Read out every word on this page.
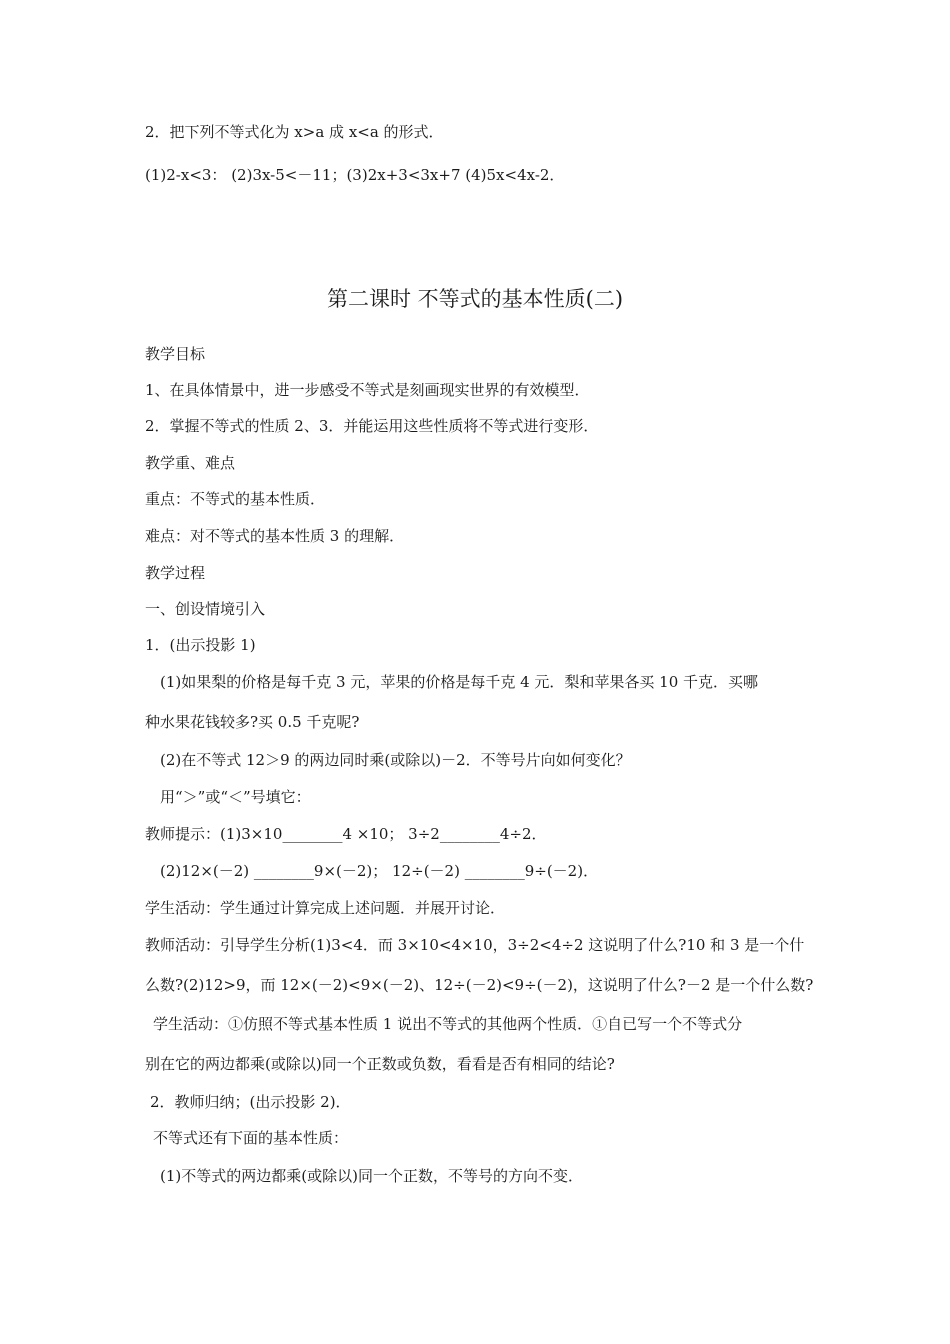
2．把下列不等式化为 x>a 成 x<a 的形式．
(1)2-x<3： (2)3x-5<－11；(3)2x+3<3x+7 (4)5x<4x-2．
第二课时 不等式的基本性质(二)
教学目标
1、在具体情景中，进一步感受不等式是刻画现实世界的有效模型．
2．掌握不等式的性质 2、3．并能运用这些性质将不等式进行变形．
教学重、难点
重点：不等式的基本性质．
难点：对不等式的基本性质 3 的理解．
教学过程
一、创设情境引入
1．(出示投影 1)
(1)如果梨的价格是每千克 3 元，苹果的价格是每千克 4 元．梨和苹果各买 10 千克．买哪
种水果花钱较多?买 0.5 千克呢?
(2)在不等式 12＞9 的两边同时乘(或除以)－2．不等号片向如何变化？
用“＞”或“＜”号填它：
教师提示：(1)3×10________4 ×10； 3÷2________4÷2．
(2)12×(－2) ________9×(－2)； 12÷(－2) ________9÷(－2)．
学生活动：学生通过计算完成上述问题．并展开讨论．
教师活动：引导学生分析(1)3<4．而 3×10<4×10，3÷2<4÷2 这说明了什么?10 和 3 是一个什
么数?(2)12>9，而 12×(－2)<9×(－2)、12÷(－2)<9÷(－2)，这说明了什么?－2 是一个什么数?
学生活动：①仿照不等式基本性质 1 说出不等式的其他两个性质．①自已写一个不等式分
别在它的两边都乘(或除以)同一个正数或负数，看看是否有相同的结论?
2．教师归纳；(出示投影 2)．
不等式还有下面的基本性质：
(1)不等式的两边都乘(或除以)同一个正数，不等号的方向不变．
